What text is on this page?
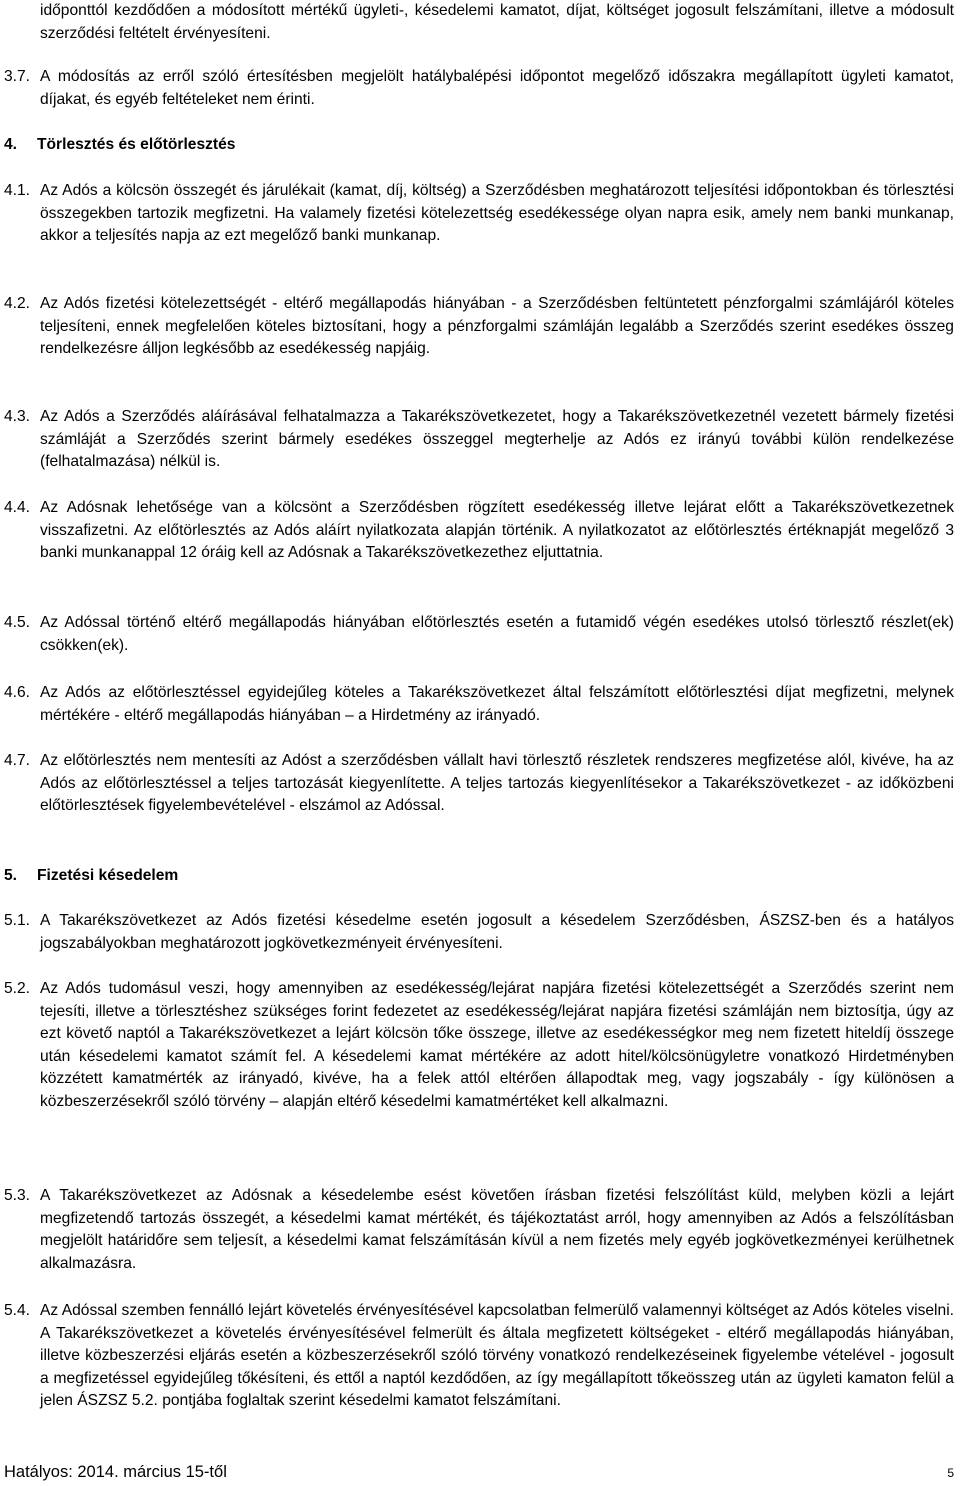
időponttól kezdődően a módosított mértékű ügyleti-, késedelemi kamatot, díjat, költséget jogosult felszámítani, illetve a módosult szerződési feltételt érvényesíteni.
3.7. A módosítás az erről szóló értesítésben megjelölt hatálybalépési időpontot megelőző időszakra megállapított ügyleti kamatot, díjakat, és egyéb feltételeket nem érinti.
4. Törlesztés és előtörlesztés
4.1. Az Adós a kölcsön összegét és járulékait (kamat, díj, költség) a Szerződésben meghatározott teljesítési időpontokban és törlesztési összegekben tartozik megfizetni. Ha valamely fizetési kötelezettség esedékessége olyan napra esik, amely nem banki munkanap, akkor a teljesítés napja az ezt megelőző banki munkanap.
4.2. Az Adós fizetési kötelezettségét - eltérő megállapodás hiányában - a Szerződésben feltüntetett pénzforgalmi számlájáról köteles teljesíteni, ennek megfelelően köteles biztosítani, hogy a pénzforgalmi számláján legalább a Szerződés szerint esedékes összeg rendelkezésre álljon legkésőbb az esedékesség napjáig.
4.3. Az Adós a Szerződés aláírásával felhatalmazza a Takarékszövetkezetet, hogy a Takarékszövetkezetnél vezetett bármely fizetési számláját a Szerződés szerint bármely esedékes összeggel megterhelje az Adós ez irányú további külön rendelkezése (felhatalmazása) nélkül is.
4.4. Az Adósnak lehetősége van a kölcsönt a Szerződésben rögzített esedékesség illetve lejárat előtt a Takarékszövetkezetnek visszafizetni. Az előtörlesztés az Adós aláírt nyilatkozata alapján történik. A nyilatkozatot az előtörlesztés értéknapját megelőző 3 banki munkanappal 12 óráig kell az Adósnak a Takarékszövetkezethez eljuttatnia.
4.5. Az Adóssal történő eltérő megállapodás hiányában előtörlesztés esetén a futamidő végén esedékes utolsó törlesztő részlet(ek) csökken(ek).
4.6. Az Adós az előtörlesztéssel egyidejűleg köteles a Takarékszövetkezet által felszámított előtörlesztési díjat megfizetni, melynek mértékére - eltérő megállapodás hiányában – a Hirdetmény az irányadó.
4.7. Az előtörlesztés nem mentesíti az Adóst a szerződésben vállalt havi törlesztő részletek rendszeres megfizetése alól, kivéve, ha az Adós az előtörlesztéssel a teljes tartozását kiegyenlítette. A teljes tartozás kiegyenlítésekor a Takarékszövetkezet - az időközbeni előtörlesztések figyelembevételével - elszámol az Adóssal.
5. Fizetési késedelem
5.1. A Takarékszövetkezet az Adós fizetési késedelme esetén jogosult a késedelem Szerződésben, ÁSZSZ-ben és a hatályos jogszabályokban meghatározott jogkövetkezményeit érvényesíteni.
5.2. Az Adós tudomásul veszi, hogy amennyiben az esedékesség/lejárat napjára fizetési kötelezettségét a Szerződés szerint nem tejesíti, illetve a törlesztéshez szükséges forint fedezetet az esedékesség/lejárat napjára fizetési számláján nem biztosítja, úgy az ezt követő naptól a Takarékszövetkezet a lejárt kölcsön tőke összege, illetve az esedékességkor meg nem fizetett hiteldíj összege után késedelemi kamatot számít fel. A késedelemi kamat mértékére az adott hitel/kölcsönügyletre vonatkozó Hirdetményben közzétett kamatmérték az irányadó, kivéve, ha a felek attól eltérően állapodtak meg, vagy jogszabály - így különösen a közbeszerzésekről szóló törvény – alapján eltérő késedelmi kamatmértéket kell alkalmazni.
5.3. A Takarékszövetkezet az Adósnak a késedelembe esést követően írásban fizetési felszólítást küld, melyben közli a lejárt megfizetendő tartozás összegét, a késedelmi kamat mértékét, és tájékoztatást arról, hogy amennyiben az Adós a felszólításban megjelölt határidőre sem teljesít, a késedelmi kamat felszámításán kívül a nem fizetés mely egyéb jogkövetkezményei kerülhetnek alkalmazásra.
5.4. Az Adóssal szemben fennálló lejárt követelés érvényesítésével kapcsolatban felmerülő valamennyi költséget az Adós köteles viselni. A Takarékszövetkezet a követelés érvényesítésével felmerült és általa megfizetett költségeket - eltérő megállapodás hiányában, illetve közbeszerzési eljárás esetén a közbeszerzésekről szóló törvény vonatkozó rendelkezéseinek figyelembe vételével - jogosult a megfizetéssel egyidejűleg tőkésíteni, és ettől a naptól kezdődően, az így megállapított tőkeösszeg után az ügyleti kamaton felül a jelen ÁSZSZ 5.2. pontjába foglaltak szerint késedelmi kamatot felszámítani.
Hatályos: 2014. március 15-től	5
